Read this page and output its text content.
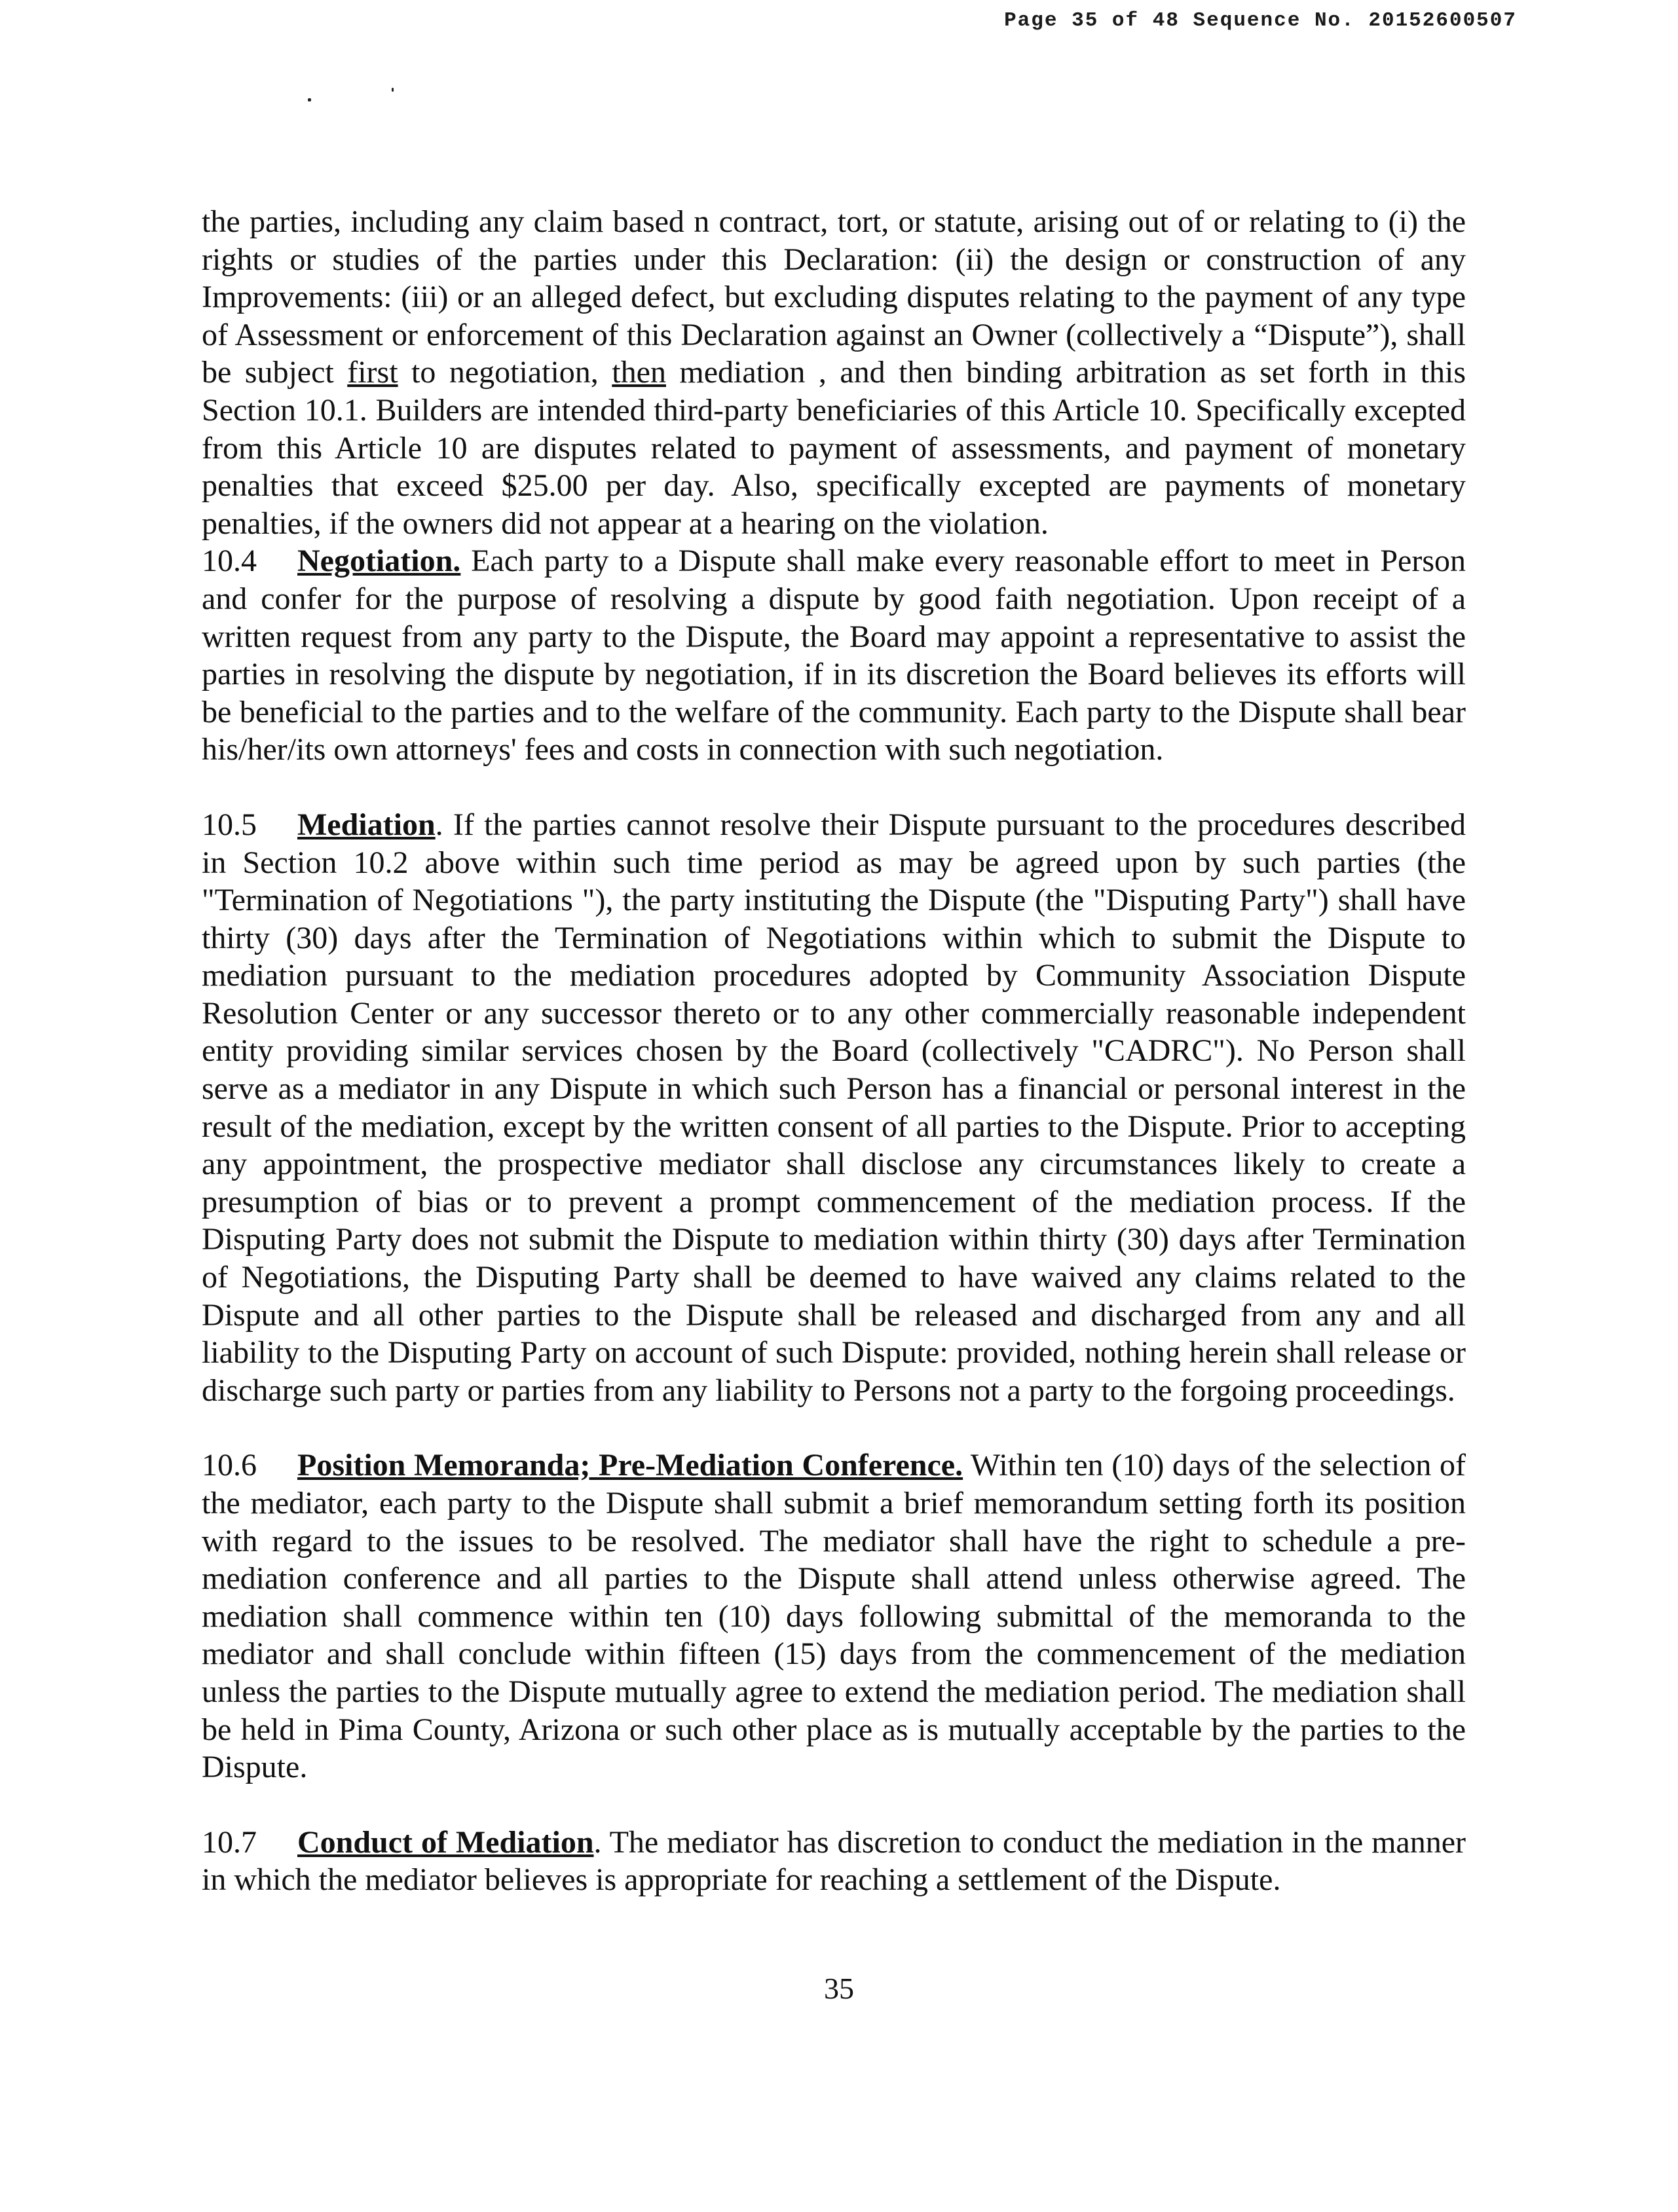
Page 35 of 48 Sequence No. 20152600507

the parties, including any claim based n contract, tort, or statute, arising out of or relating to (i) the rights or studies of the parties under this Declaration: (ii) the design or construction of any Improvements: (iii) or an alleged defect, but excluding disputes relating to the payment of any type of Assessment or enforcement of this Declaration against an Owner (collectively a “Dispute”), shall be subject first to negotiation, then mediation , and then binding arbitration as set forth in this Section 10.1. Builders are intended third-party beneficiaries of this Article 10. Specifically excepted from this Article 10 are disputes related to payment of assessments, and payment of monetary penalties that exceed $25.00 per day. Also, specifically excepted are payments of monetary penalties, if the owners did not appear at a hearing on the violation.

10.4 Negotiation. Each party to a Dispute shall make every reasonable effort to meet in Person and confer for the purpose of resolving a dispute by good faith negotiation. Upon receipt of a written request from any party to the Dispute, the Board may appoint a representative to assist the parties in resolving the dispute by negotiation, if in its discretion the Board believes its efforts will be beneficial to the parties and to the welfare of the community. Each party to the Dispute shall bear his/her/its own attorneys' fees and costs in connection with such negotiation.

10.5 Mediation. If the parties cannot resolve their Dispute pursuant to the procedures described in Section 10.2 above within such time period as may be agreed upon by such parties (the "Termination of Negotiations "), the party instituting the Dispute (the "Disputing Party") shall have thirty (30) days after the Termination of Negotiations within which to submit the Dispute to mediation pursuant to the mediation procedures adopted by Community Association Dispute Resolution Center or any successor thereto or to any other commercially reasonable independent entity providing similar services chosen by the Board (collectively "CADRC"). No Person shall serve as a mediator in any Dispute in which such Person has a financial or personal interest in the result of the mediation, except by the written consent of all parties to the Dispute. Prior to accepting any appointment, the prospective mediator shall disclose any circumstances likely to create a presumption of bias or to prevent a prompt commencement of the mediation process. If the Disputing Party does not submit the Dispute to mediation within thirty (30) days after Termination of Negotiations, the Disputing Party shall be deemed to have waived any claims related to the Dispute and all other parties to the Dispute shall be released and discharged from any and all liability to the Disputing Party on account of such Dispute: provided, nothing herein shall release or discharge such party or parties from any liability to Persons not a party to the forgoing proceedings.

10.6 Position Memoranda; Pre-Mediation Conference. Within ten (10) days of the selection of the mediator, each party to the Dispute shall submit a brief memorandum setting forth its position with regard to the issues to be resolved. The mediator shall have the right to schedule a pre-mediation conference and all parties to the Dispute shall attend unless otherwise agreed. The mediation shall commence within ten (10) days following submittal of the memoranda to the mediator and shall conclude within fifteen (15) days from the commencement of the mediation unless the parties to the Dispute mutually agree to extend the mediation period. The mediation shall be held in Pima County, Arizona or such other place as is mutually acceptable by the parties to the Dispute.

10.7 Conduct of Mediation. The mediator has discretion to conduct the mediation in the manner in which the mediator believes is appropriate for reaching a settlement of the Dispute.

35
